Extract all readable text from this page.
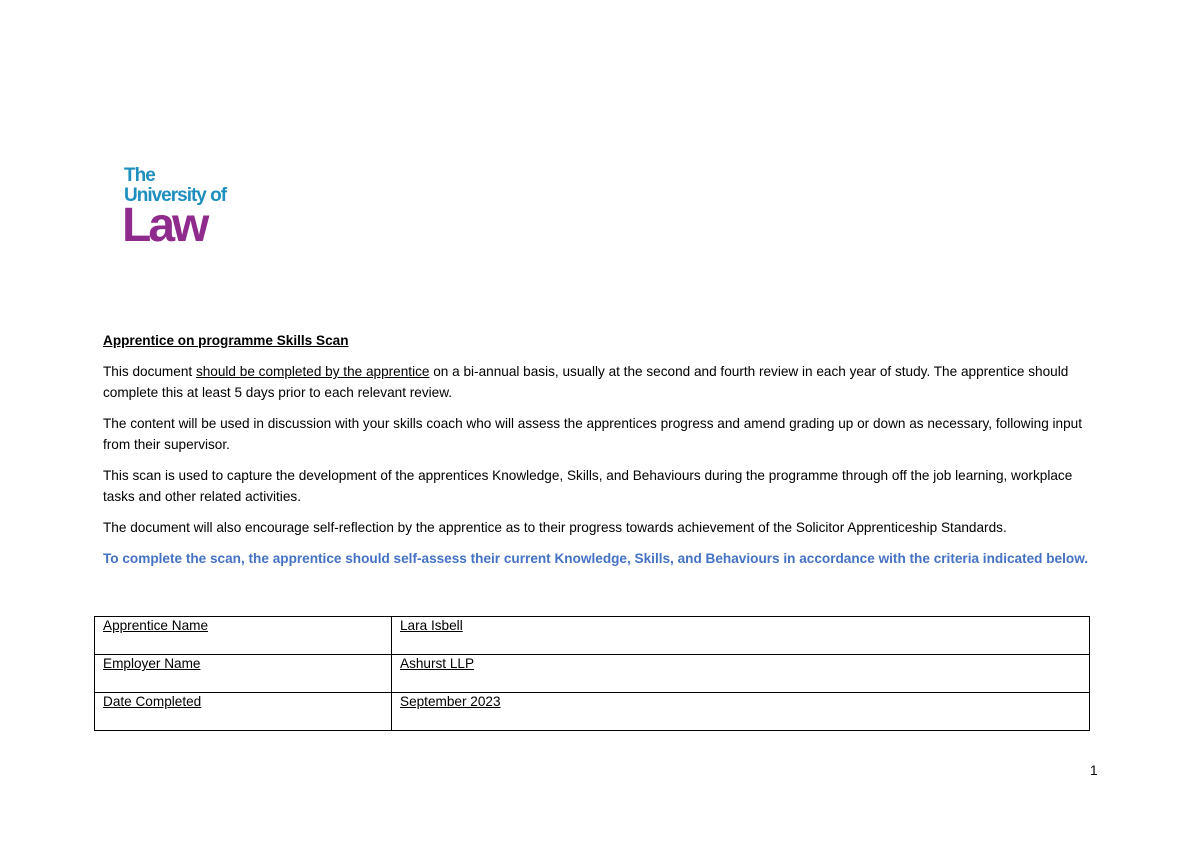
The
University of
Law

Apprentice on programme Skills Scan

This document should be completed by the apprentice on a bi-annual basis, usually at the second and fourth review in each year of study. The apprentice should complete this at least 5 days prior to each relevant review.

The content will be used in discussion with your skills coach who will assess the apprentices progress and amend grading up or down as necessary, following input from their supervisor.

This scan is used to capture the development of the apprentices Knowledge, Skills, and Behaviours during the programme through off the job learning, workplace tasks and other related activities.

The document will also encourage self-reflection by the apprentice as to their progress towards achievement of the Solicitor Apprenticeship Standards.

To complete the scan, the apprentice should self-assess their current Knowledge, Skills, and Behaviours in accordance with the criteria indicated below.

Apprentice Name	Lara Isbell
Employer Name	Ashurst LLP
Date Completed	September 2023
1
